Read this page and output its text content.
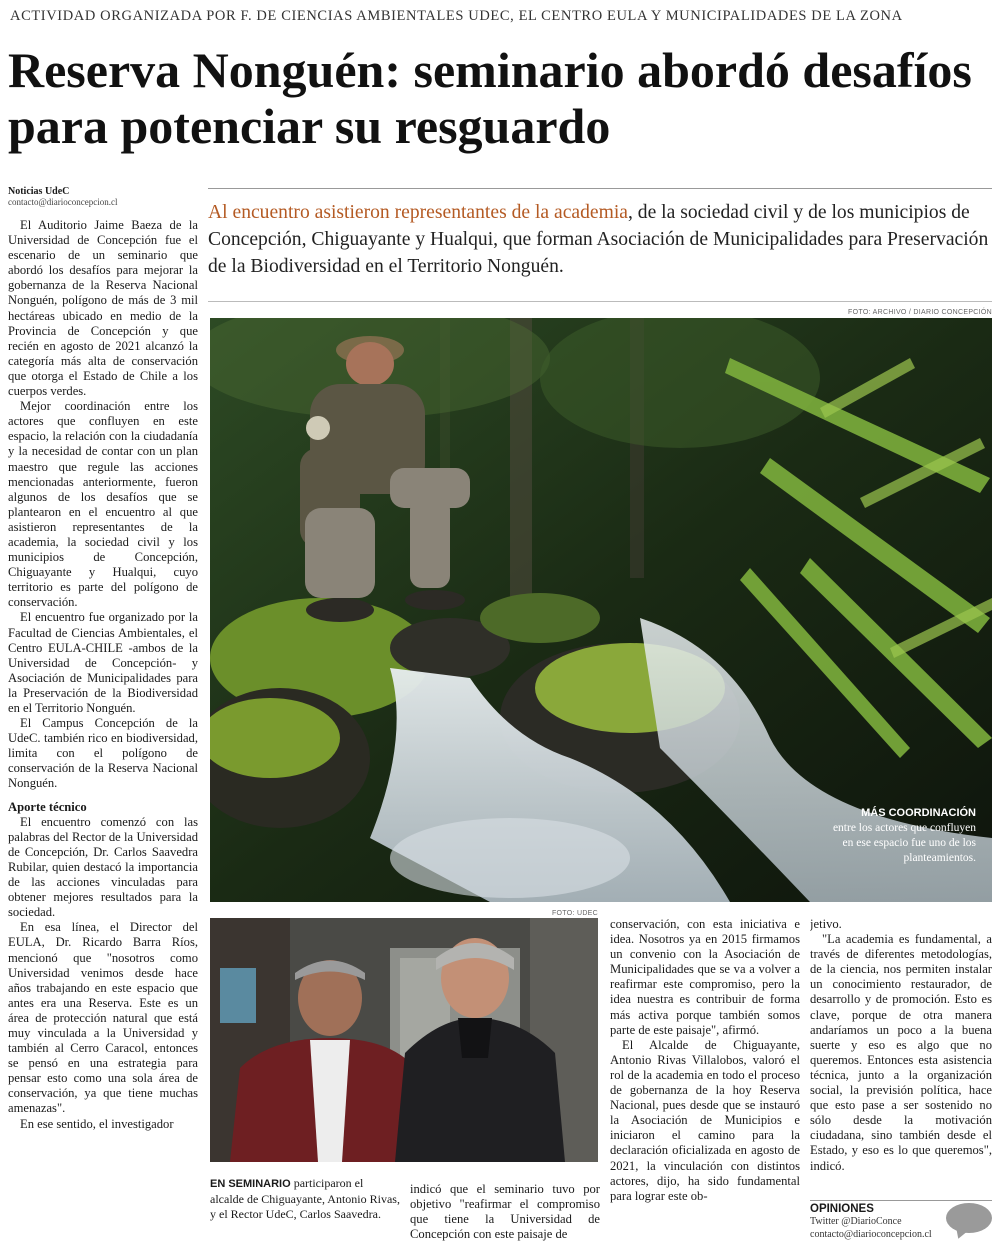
ACTIVIDAD ORGANIZADA POR F. DE CIENCIAS AMBIENTALES UDEC, EL CENTRO EULA Y MUNICIPALIDADES DE LA ZONA
Reserva Nonguén: seminario abordó desafíos para potenciar su resguardo
Noticias UdeC
contacto@diarioconcepcion.cl

El Auditorio Jaime Baeza de la Universidad de Concepción fue el escenario de un seminario que abordó los desafíos para mejorar la gobernanza de la Reserva Nacional Nonguén, polígono de más de 3 mil hectáreas ubicado en medio de la Provincia de Concepción y que recién en agosto de 2021 alcanzó la categoría más alta de conservación que otorga el Estado de Chile a los cuerpos verdes.

Mejor coordinación entre los actores que confluyen en este espacio, la relación con la ciudadanía y la necesidad de contar con un plan maestro que regule las acciones mencionadas anteriormente, fueron algunos de los desafíos que se plantearon en el encuentro al que asistieron representantes de la academia, la sociedad civil y los municipios de Concepción, Chiguayante y Hualqui, cuyo territorio es parte del polígono de conservación.

El encuentro fue organizado por la Facultad de Ciencias Ambientales, el Centro EULA-CHILE -ambos de la Universidad de Concepción- y Asociación de Municipalidades para la Preservación de la Biodiversidad en el Territorio Nonguén.

El Campus Concepción de la UdeC. también rico en biodiversidad, limita con el polígono de conservación de la Reserva Nacional Nonguén.

Aporte técnico

El encuentro comenzó con las palabras del Rector de la Universidad de Concepción, Dr. Carlos Saavedra Rubilar, quien destacó la importancia de las acciones vinculadas para obtener mejores resultados para la sociedad.

En esa línea, el Director del EULA, Dr. Ricardo Barra Ríos, mencionó que "nosotros como Universidad venimos desde hace años trabajando en este espacio que antes era una Reserva. Este es un área de protección natural que está muy vinculada a la Universidad y también al Cerro Caracol, entonces se pensó en una estrategia para pensar esto como una sola área de conservación, ya que tiene muchas amenazas".

En ese sentido, el investigador

Al encuentro asistieron representantes de la academia, de la sociedad civil y de los municipios de Concepción, Chiguayante y Hualqui, que forman Asociación de Municipalidades para Preservación de la Biodiversidad en el Territorio Nonguén.
FOTO: ARCHIVO / DIARIO CONCEPCIÓN
MÁS COORDINACIÓN
entre los actores que confluyen en ese espacio fue uno de los planteamientos.
FOTO: UDEC
EN SEMINARIO participaron el alcalde de Chiguayante, Antonio Rivas, y el Rector UdeC, Carlos Saavedra.

indicó que el seminario tuvo por objetivo "reafirmar el compromiso que tiene la Universidad de Concepción con este paisaje de

conservación, con esta iniciativa e idea. Nosotros ya en 2015 firmamos un convenio con la Asociación de Municipalidades que se va a volver a reafirmar este compromiso, pero la idea nuestra es contribuir de forma más activa porque también somos parte de este paisaje", afirmó.

El Alcalde de Chiguayante, Antonio Rivas Villalobos, valoró el rol de la academia en todo el proceso de gobernanza de la hoy Reserva Nacional, pues desde que se instauró la Asociación de Municipios e iniciaron el camino para la declaración oficializada en agosto de 2021, la vinculación con distintos actores, dijo, ha sido fundamental para lograr este ob-

jetivo.

"La academia es fundamental, a través de diferentes metodologías, de la ciencia, nos permiten instalar un conocimiento restaurador, de desarrollo y de promoción. Esto es clave, porque de otra manera andaríamos un poco a la buena suerte y eso es algo que no queremos. Entonces esta asistencia técnica, junto a la organización social, la previsión política, hace que esto pase a ser sostenido no sólo desde la motivación ciudadana, sino también desde el Estado, y eso es lo que queremos", indicó.

OPINIONES
Twitter @DiarioConce
contacto@diarioconcepcion.cl
